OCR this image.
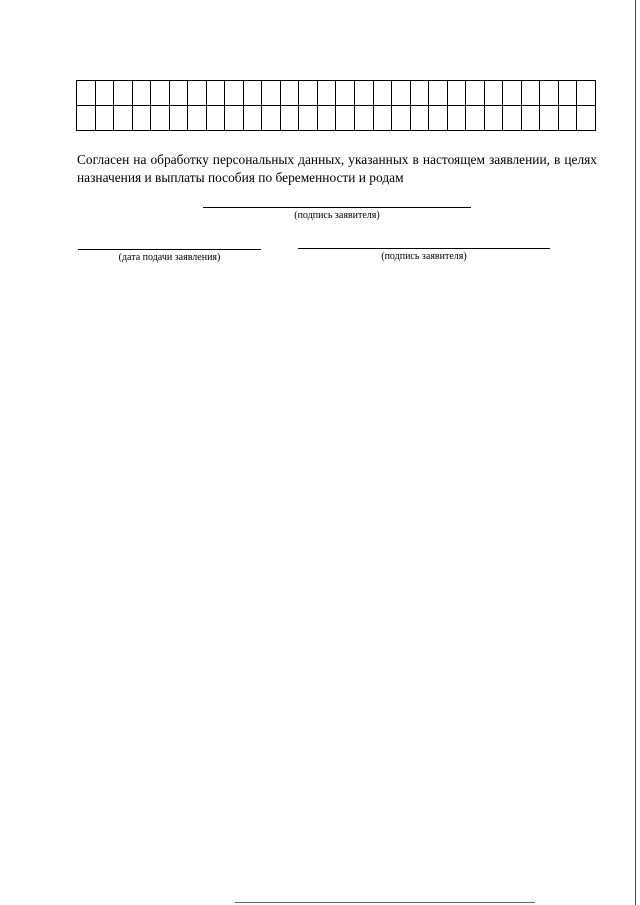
Согласен на обработку персональных данных, указанных в настоящем заявлении, в целях назначения и выплаты пособия по беременности и родам
(подпись заявителя)
(дата подачи заявления)	(подпись заявителя)
